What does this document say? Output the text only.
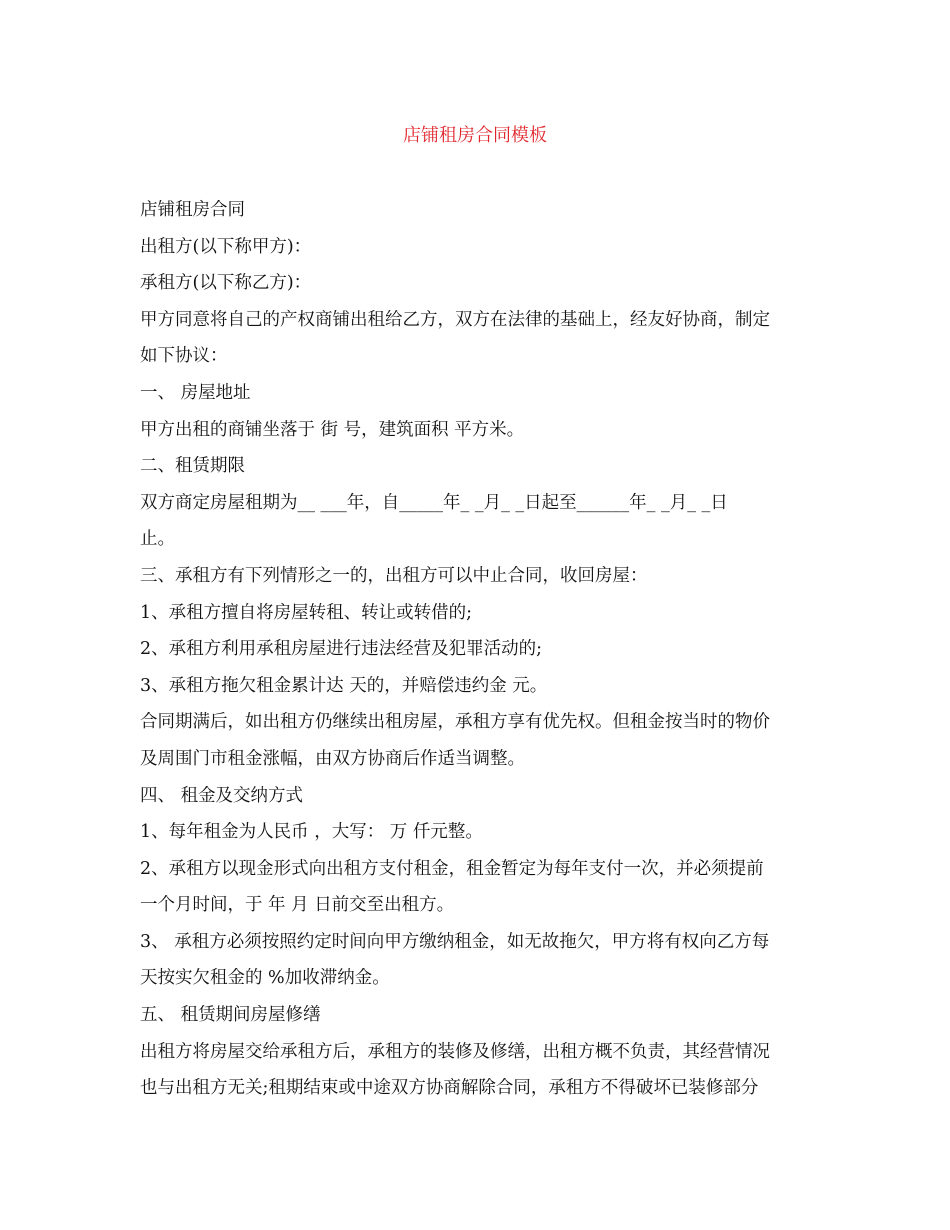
店铺租房合同模板

店铺租房合同

出租方(以下称甲方)：

承租方(以下称乙方)：

甲方同意将自己的产权商铺出租给乙方，双方在法律的基础上，经友好协商，制定

如下协议：

一、 房屋地址

甲方出租的商铺坐落于 街 号，建筑面积 平方米。

二、租赁期限

双方商定房屋租期为__ ___年，自_____年_ _月_ _日起至______年_ _月_ _日

止。

三、承租方有下列情形之一的，出租方可以中止合同，收回房屋：

1、承租方擅自将房屋转租、转让或转借的;

2、承租方利用承租房屋进行违法经营及犯罪活动的;

3、承租方拖欠租金累计达 天的，并赔偿违约金 元。

合同期满后，如出租方仍继续出租房屋，承租方享有优先权。但租金按当时的物价

及周围门市租金涨幅，由双方协商后作适当调整。

四、 租金及交纳方式

1、每年租金为人民币 ，大写： 万 仟元整。

2、承租方以现金形式向出租方支付租金，租金暂定为每年支付一次，并必须提前

一个月时间，于 年 月 日前交至出租方。

3、 承租方必须按照约定时间向甲方缴纳租金，如无故拖欠，甲方将有权向乙方每

天按实欠租金的 %加收滞纳金。

五、 租赁期间房屋修缮

出租方将房屋交给承租方后，承租方的装修及修缮，出租方概不负责，其经营情况

也与出租方无关;租期结束或中途双方协商解除合同，承租方不得破坏已装修部分
